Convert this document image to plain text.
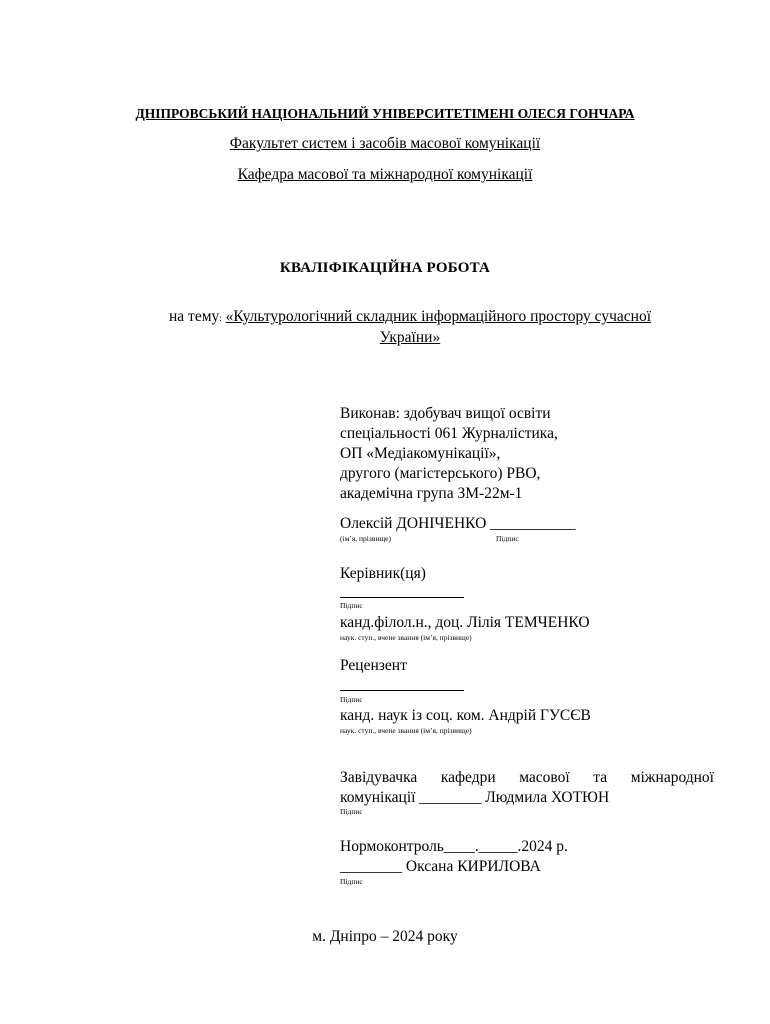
ДНІПРОВСЬКИЙ НАЦІОНАЛЬНИЙ УНІВЕРСИТЕТІМЕНІ ОЛЕСЯ ГОНЧАРА
Факультет систем і засобів масової комунікації
Кафедра масової та міжнародної комунікації
КВАЛІФІКАЦІЙНА РОБОТА
на тему: «Культурологічний складник інформаційного простору сучасної
України»
Виконав: здобувач вищої освіти
спеціальності 061 Журналістика,
ОП «Медіакомунікації»,
другого (магістерського) РВО,
академічна група ЗМ-22м-1
Олексій ДОНІЧЕНКО ___________
(ім’я, прізвище)	Підпис
Керівник(ця)
Підпис
канд.філол.н., доц. Лілія ТЕМЧЕНКО
наук. ступ., вчене звання (ім’я, прізвище)
Рецензент
Підпис
канд. наук із соц. ком. Андрій ГУСЄВ
наук. ступ., вчене звання (ім’я, прізвище)
Завідувачка кафедри масової та міжнародної
комунікації ________ Людмила ХОТЮН
Підпис
Нормоконтроль____._____.2024 р.
________ Оксана КИРИЛОВА
Підпис
м. Дніпро – 2024 року
